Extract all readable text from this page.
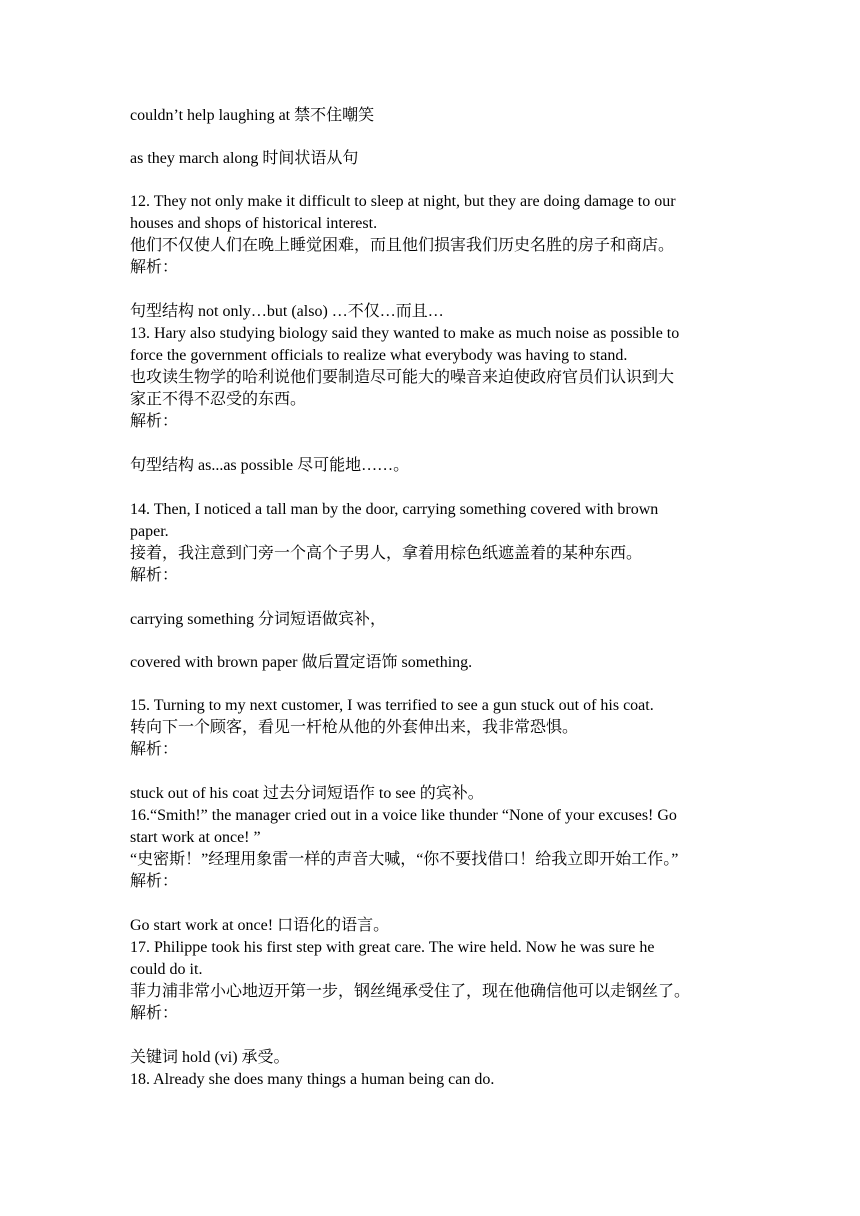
couldn’t help laughing at 禁不住嘲笑
as they march along 时间状语从句
12. They not only make it difficult to sleep at night, but they are doing damage to our
houses and shops of historical interest.
他们不仅使人们在晚上睡觉困难，而且他们损害我们历史名胜的房子和商店。
解析：
句型结构 not only…but (also) …不仅…而且…
13. Hary also studying biology said they wanted to make as much noise as possible to
force the government officials to realize what everybody was having to stand.
也攻读生物学的哈利说他们要制造尽可能大的噪音来迫使政府官员们认识到大
家正不得不忍受的东西。
解析：
句型结构 as...as possible 尽可能地……。
14. Then, I noticed a tall man by the door, carrying something covered with brown
paper.
接着，我注意到门旁一个高个子男人，拿着用棕色纸遮盖着的某种东西。
解析：
carrying something 分词短语做宾补，
covered with brown paper 做后置定语饰 something.
15. Turning to my next customer, I was terrified to see a gun stuck out of his coat.
转向下一个顾客，看见一杆枪从他的外套伸出来，我非常恐惧。
解析：
stuck out of his coat 过去分词短语作 to see 的宾补。
16.“Smith!” the manager cried out in a voice like thunder “None of your excuses! Go
start work at once! ”
“史密斯！”经理用象雷一样的声音大喊，“你不要找借口！给我立即开始工作。”
解析：
Go start work at once! 口语化的语言。
17. Philippe took his first step with great care. The wire held. Now he was sure he
could do it.
菲力浦非常小心地迈开第一步，钢丝绳承受住了，现在他确信他可以走钢丝了。
解析：
关键词 hold (vi) 承受。
18. Already she does many things a human being can do.
